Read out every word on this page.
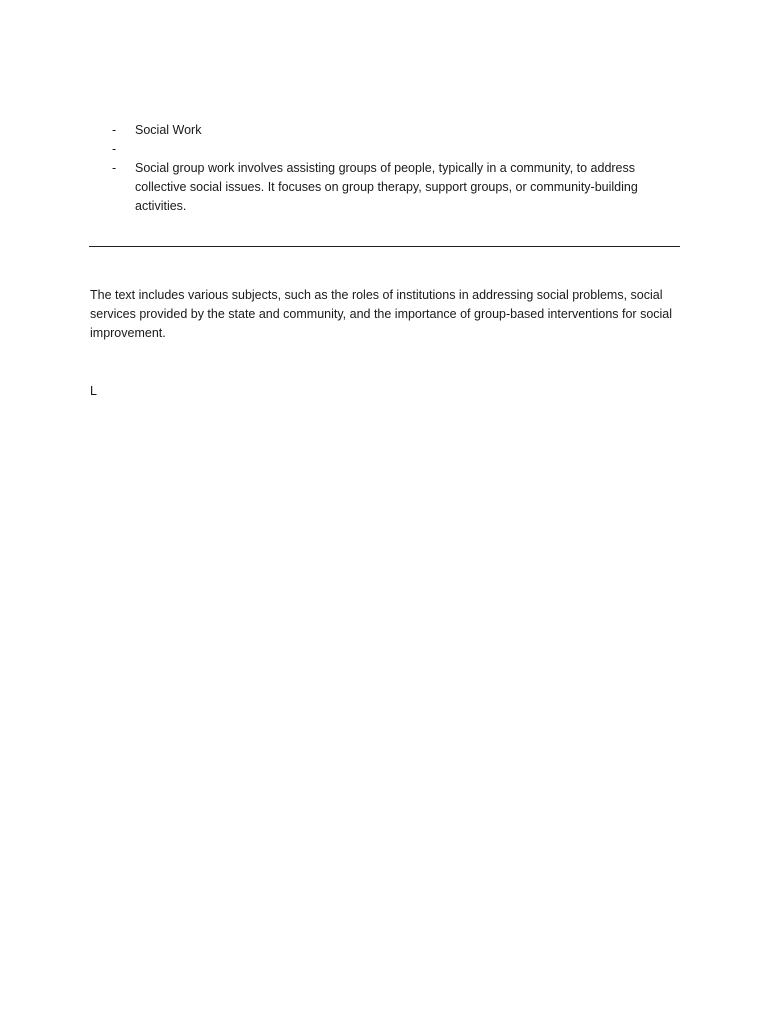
-	Social Work
-
-	Social group work involves assisting groups of people, typically in a community, to address collective social issues. It focuses on group therapy, support groups, or community-building activities.

The text includes various subjects, such as the roles of institutions in addressing social problems, social services provided by the state and community, and the importance of group-based interventions for social improvement.

L
